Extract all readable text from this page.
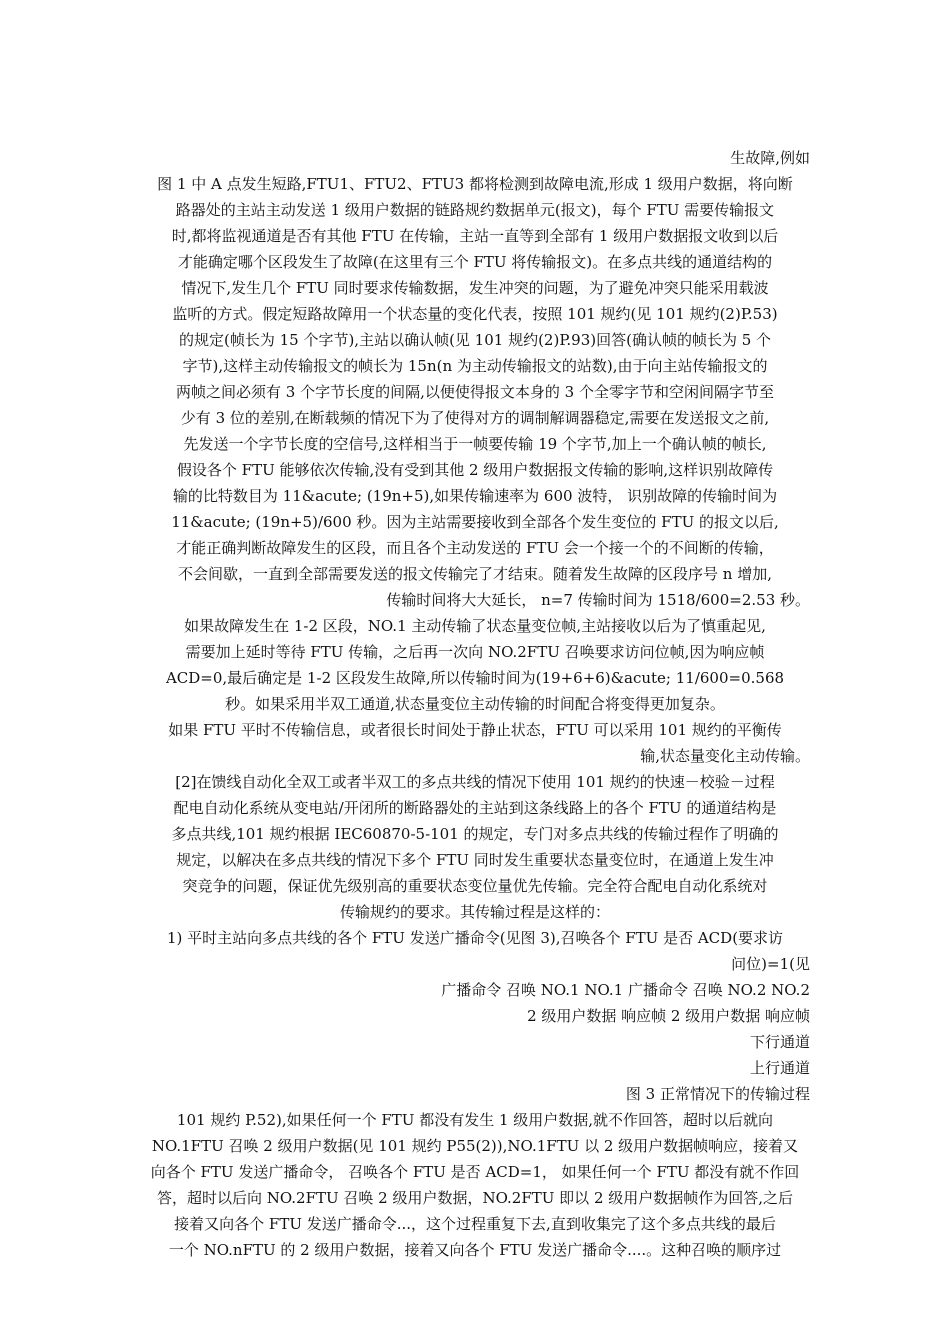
生故障,例如
图 1 中 A 点发生短路,FTU1、FTU2、FTU3 都将检测到故障电流,形成 1 级用户数据，将向断
路器处的主站主动发送 1 级用户数据的链路规约数据单元(报文)，每个 FTU 需要传输报文
时,都将监视通道是否有其他 FTU 在传输，主站一直等到全部有 1 级用户数据报文收到以后
才能确定哪个区段发生了故障(在这里有三个 FTU 将传输报文)。在多点共线的通道结构的
情况下,发生几个 FTU 同时要求传输数据，发生冲突的问题，为了避免冲突只能采用载波
监听的方式。假定短路故障用一个状态量的变化代表，按照 101 规约(见 101 规约(2)P.53)
的规定(帧长为 15 个字节),主站以确认帧(见 101 规约(2)P.93)回答(确认帧的帧长为 5 个
字节),这样主动传输报文的帧长为 15n(n 为主动传输报文的站数),由于向主站传输报文的
两帧之间必须有 3 个字节长度的间隔,以便使得报文本身的 3 个全零字节和空闲间隔字节至
少有 3 位的差别,在断载频的情况下为了使得对方的调制解调器稳定,需要在发送报文之前,
先发送一个字节长度的空信号,这样相当于一帧要传输 19 个字节,加上一个确认帧的帧长,
假设各个 FTU 能够依次传输,没有受到其他 2 级用户数据报文传输的影响,这样识别故障传
输的比特数目为 11&acute; (19n+5),如果传输速率为 600 波特， 识别故障的传输时间为
11&acute; (19n+5)/600 秒。因为主站需要接收到全部各个发生变位的 FTU 的报文以后,
才能正确判断故障发生的区段，而且各个主动发送的 FTU 会一个接一个的不间断的传输，
不会间歇，一直到全部需要发送的报文传输完了才结束。随着发生故障的区段序号 n 增加,
传输时间将大大延长， n=7 传输时间为 1518/600=2.53 秒。
如果故障发生在 1-2 区段，NO.1 主动传输了状态量变位帧,主站接收以后为了慎重起见,
需要加上延时等待 FTU 传输，之后再一次向 NO.2FTU 召唤要求访问位帧,因为响应帧
ACD=0,最后确定是 1-2 区段发生故障,所以传输时间为(19+6+6)&acute; 11/600=0.568
秒。如果采用半双工通道,状态量变位主动传输的时间配合将变得更加复杂。
如果 FTU 平时不传输信息，或者很长时间处于静止状态，FTU 可以采用 101 规约的平衡传
输,状态量变化主动传输。
[2]在馈线自动化全双工或者半双工的多点共线的情况下使用 101 规约的快速－校验－过程
配电自动化系统从变电站/开闭所的断路器处的主站到这条线路上的各个 FTU 的通道结构是
多点共线,101 规约根据 IEC60870-5-101 的规定，专门对多点共线的传输过程作了明确的
规定，以解决在多点共线的情况下多个 FTU 同时发生重要状态量变位时，在通道上发生冲
突竞争的问题，保证优先级别高的重要状态变位量优先传输。完全符合配电自动化系统对
传输规约的要求。其传输过程是这样的：
1) 平时主站向多点共线的各个 FTU 发送广播命令(见图 3),召唤各个 FTU 是否 ACD(要求访
问位)=1(见
广播命令 召唤 NO.1 NO.1 广播命令 召唤 NO.2 NO.2
2 级用户数据 响应帧 2 级用户数据 响应帧
下行通道
上行通道
图 3 正常情况下的传输过程
101 规约 P.52),如果任何一个 FTU 都没有发生 1 级用户数据,就不作回答，超时以后就向
NO.1FTU 召唤 2 级用户数据(见 101 规约 P55(2)),NO.1FTU 以 2 级用户数据帧响应，接着又
向各个 FTU 发送广播命令， 召唤各个 FTU 是否 ACD=1， 如果任何一个 FTU 都没有就不作回
答，超时以后向 NO.2FTU 召唤 2 级用户数据，NO.2FTU 即以 2 级用户数据帧作为回答,之后
接着又向各个 FTU 发送广播命令...，这个过程重复下去,直到收集完了这个多点共线的最后
一个 NO.nFTU 的 2 级用户数据，接着又向各个 FTU 发送广播命令....。这种召唤的顺序过
